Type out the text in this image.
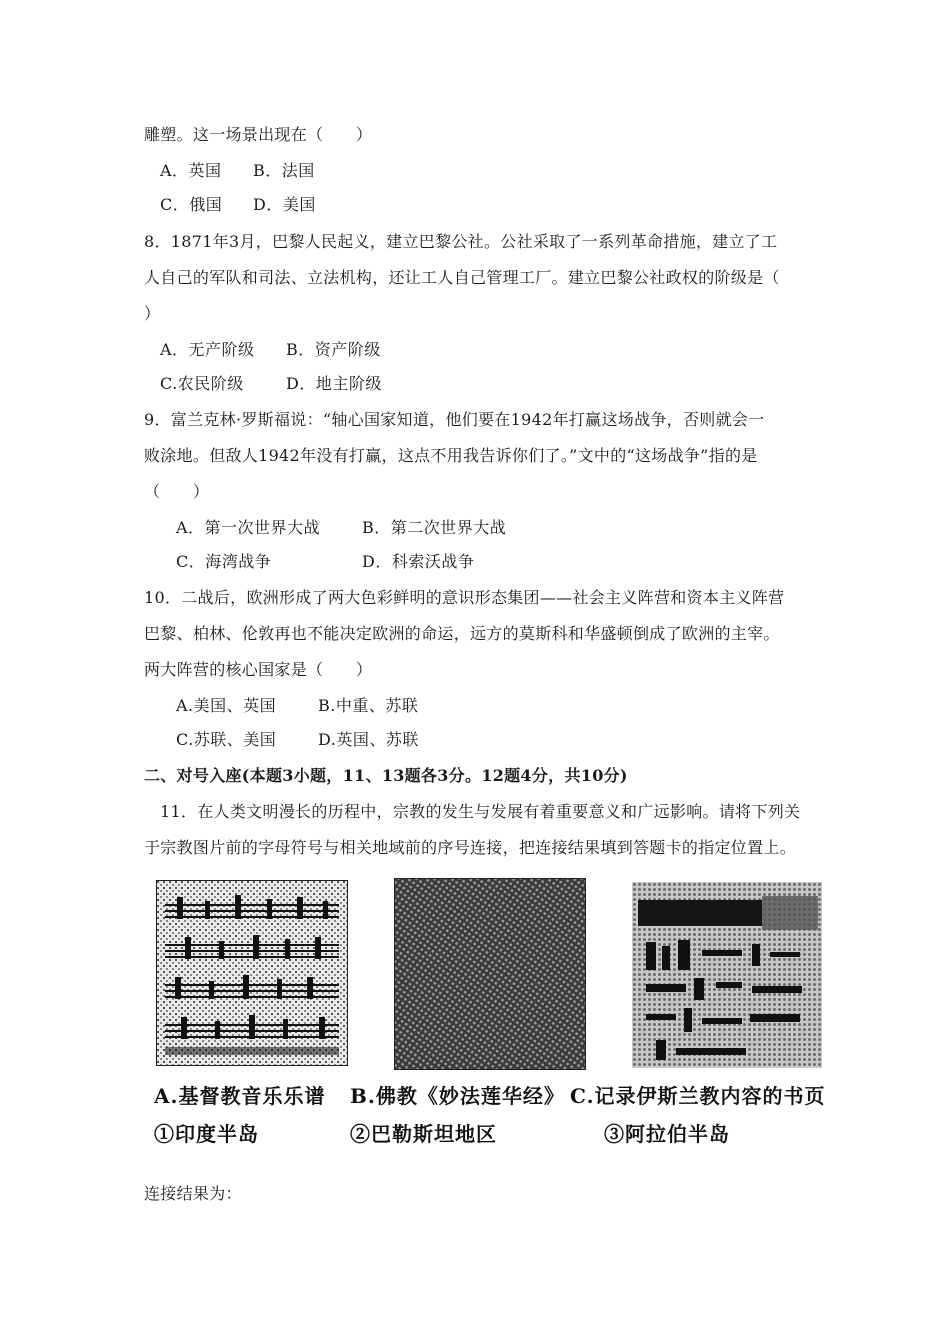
雕塑。这一场景出现在（　　）
A．英国 B．法国
C．俄国 D．美国
8．1871年3月，巴黎人民起义，建立巴黎公社。公社采取了一系列革命措施，建立了工
人自己的军队和司法、立法机构，还让工人自己管理工厂。建立巴黎公社政权的阶级是（
）
A．无产阶级 B．资产阶级
C.农民阶级	D．地主阶级
9．富兰克林·罗斯福说：“轴心国家知道，他们要在1942年打赢这场战争，否则就会一
败涂地。但敌人1942年没有打赢，这点不用我告诉你们了。”文中的“这场战争”指的是
（　　）
A．第一次世界大战	B．第二次世界大战
C．海湾战争	D．科索沃战争
10．二战后，欧洲形成了两大色彩鲜明的意识形态集团——社会主义阵营和资本主义阵营
巴黎、柏林、伦敦再也不能决定欧洲的命运，远方的莫斯科和华盛顿倒成了欧洲的主宰。
两大阵营的核心国家是（　　）
A.美国、英国	B.中重、苏联
C.苏联、美国	D.英国、苏联
二、对号入座(本题3小题，11、13题各3分。12题4分，共10分)
11．在人类文明漫长的历程中，宗教的发生与发展有着重要意义和广远影响。请将下列关
于宗教图片前的字母符号与相关地域前的序号连接，把连接结果填到答题卡的指定位置上。
A.基督教音乐乐谱 B.佛教《妙法莲华经》 C.记录伊斯兰教内容的书页
①印度半岛	②巴勒斯坦地区	③阿拉伯半岛
连接结果为：
